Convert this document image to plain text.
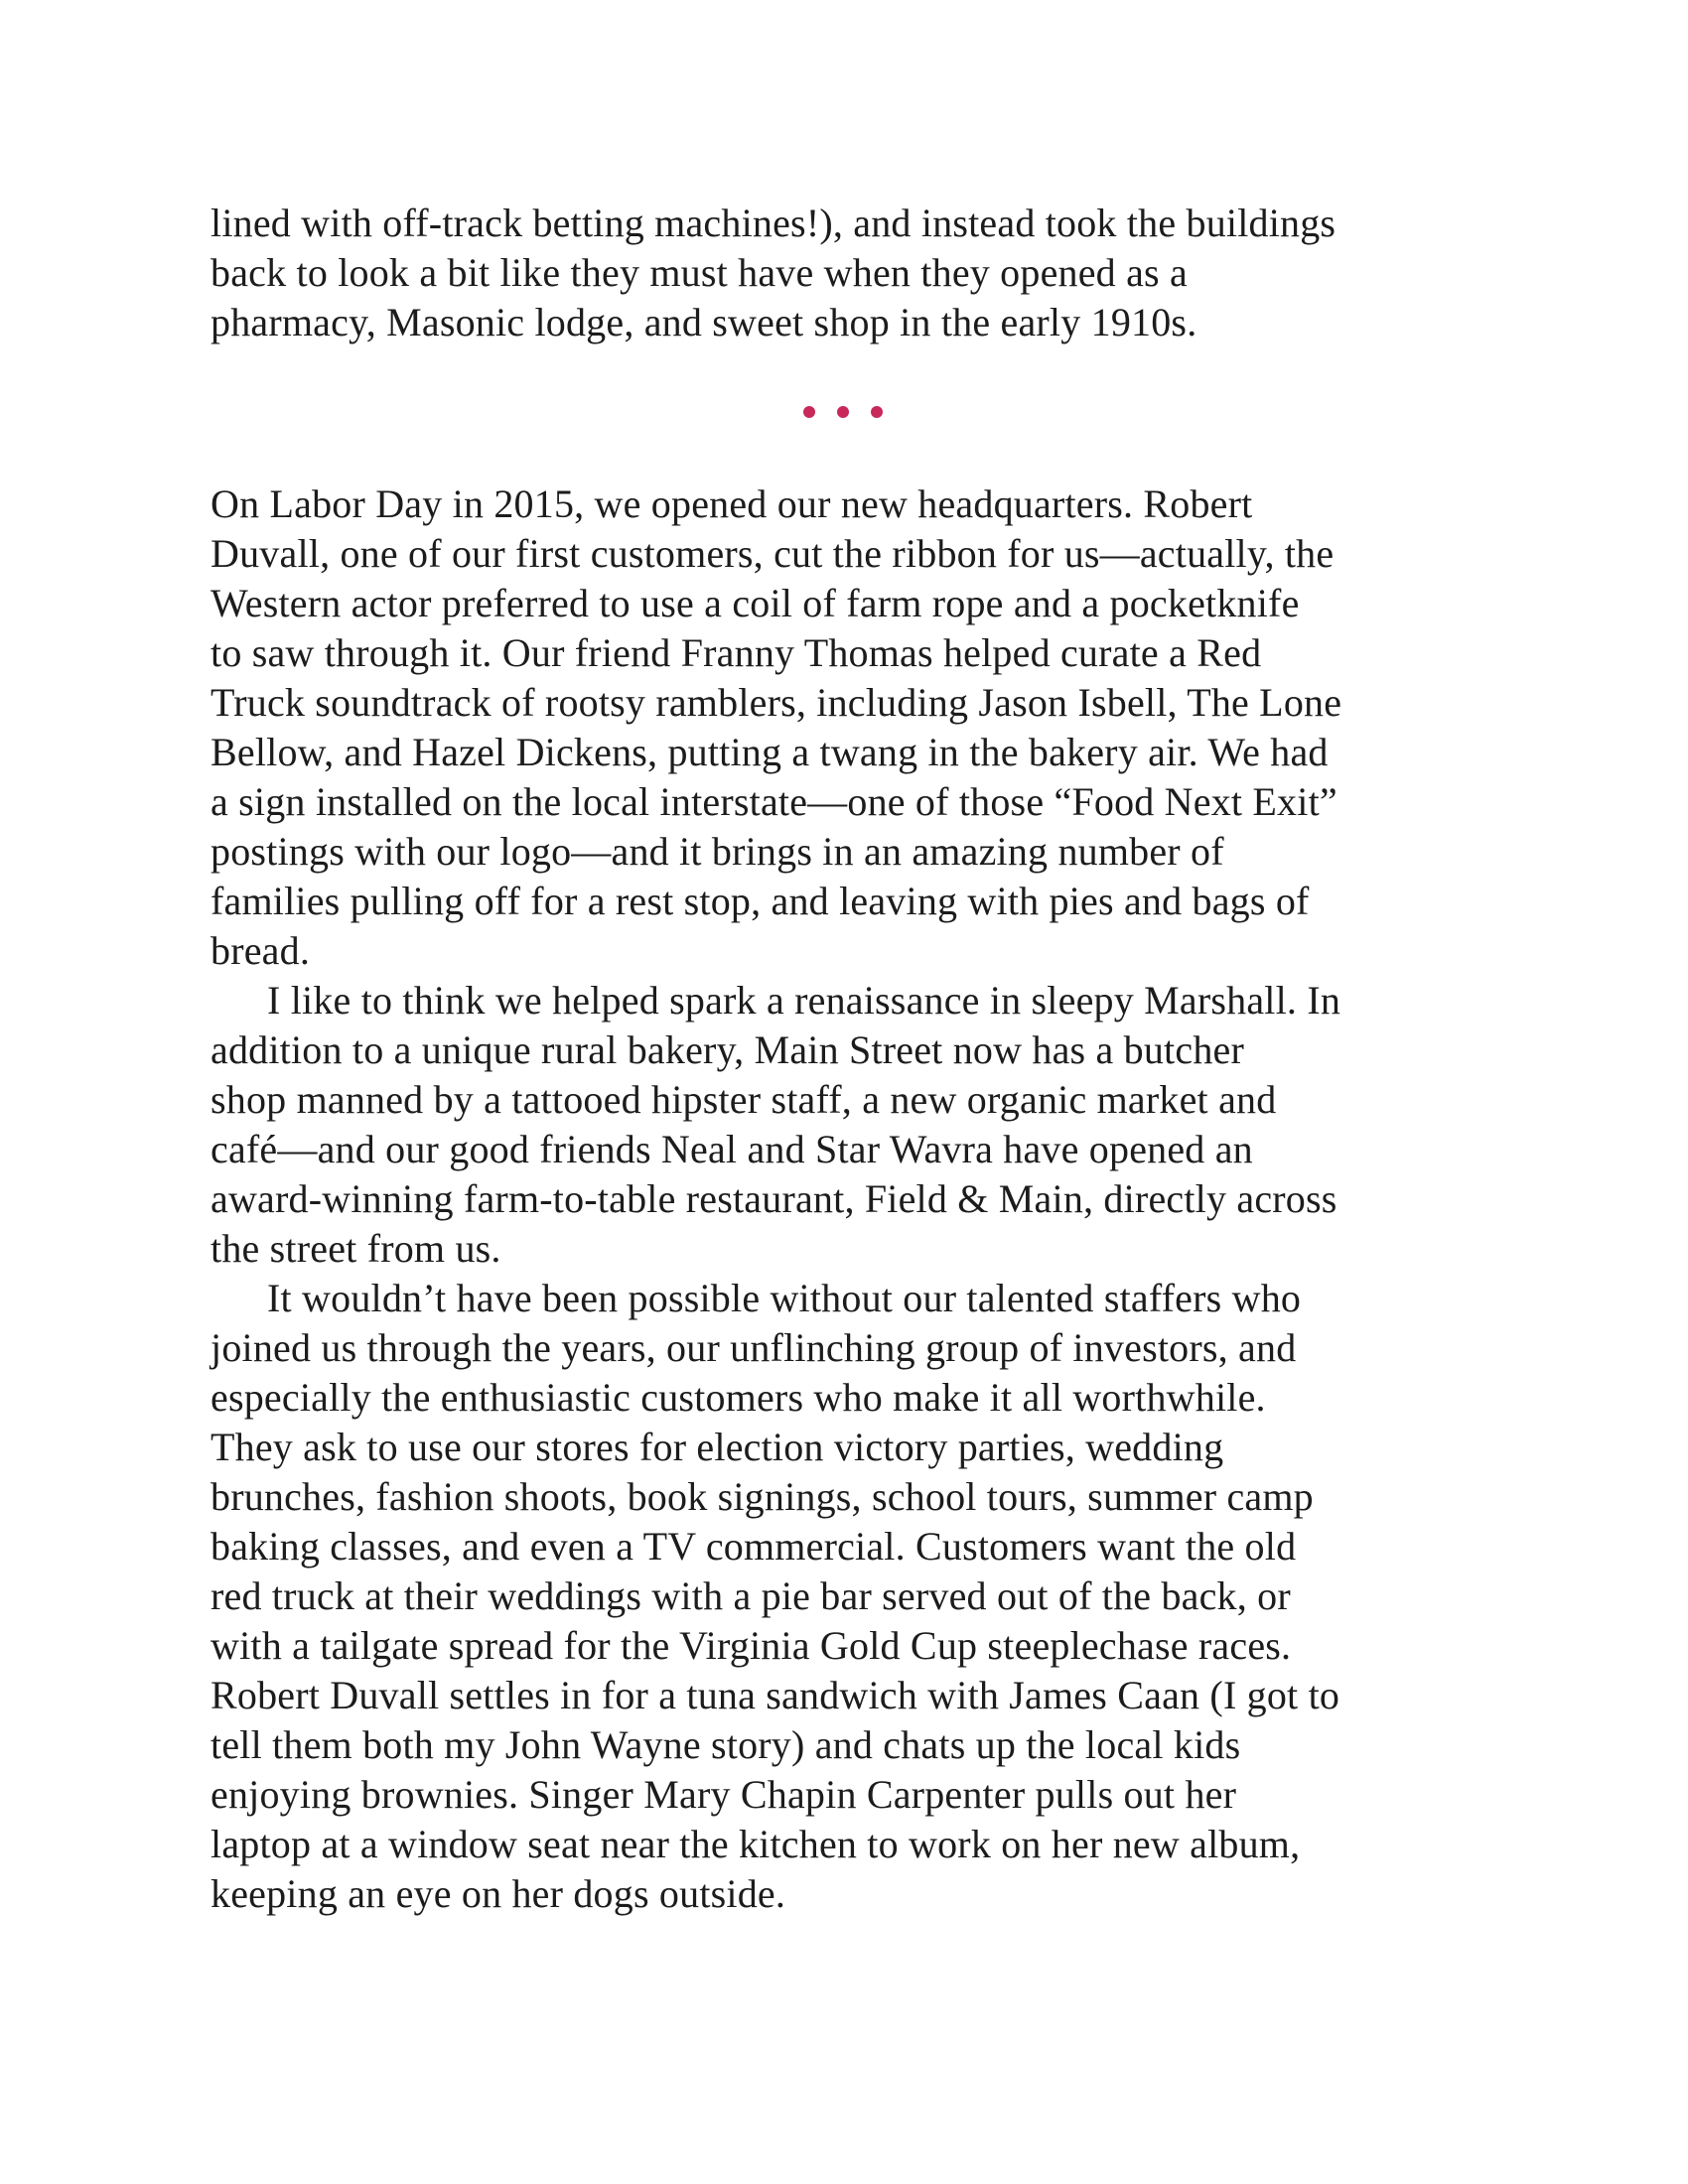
lined with off-track betting machines!), and instead took the buildings
back to look a bit like they must have when they opened as a
pharmacy, Masonic lodge, and sweet shop in the early 1910s.
On Labor Day in 2015, we opened our new headquarters. Robert
Duvall, one of our first customers, cut the ribbon for us—actually, the
Western actor preferred to use a coil of farm rope and a pocketknife
to saw through it. Our friend Franny Thomas helped curate a Red
Truck soundtrack of rootsy ramblers, including Jason Isbell, The Lone
Bellow, and Hazel Dickens, putting a twang in the bakery air. We had
a sign installed on the local interstate—one of those “Food Next Exit”
postings with our logo—and it brings in an amazing number of
families pulling off for a rest stop, and leaving with pies and bags of
bread.
I like to think we helped spark a renaissance in sleepy Marshall. In
addition to a unique rural bakery, Main Street now has a butcher
shop manned by a tattooed hipster staff, a new organic market and
café—and our good friends Neal and Star Wavra have opened an
award-winning farm-to-table restaurant, Field & Main, directly across
the street from us.
It wouldn’t have been possible without our talented staffers who
joined us through the years, our unflinching group of investors, and
especially the enthusiastic customers who make it all worthwhile.
They ask to use our stores for election victory parties, wedding
brunches, fashion shoots, book signings, school tours, summer camp
baking classes, and even a TV commercial. Customers want the old
red truck at their weddings with a pie bar served out of the back, or
with a tailgate spread for the Virginia Gold Cup steeplechase races.
Robert Duvall settles in for a tuna sandwich with James Caan (I got to
tell them both my John Wayne story) and chats up the local kids
enjoying brownies. Singer Mary Chapin Carpenter pulls out her
laptop at a window seat near the kitchen to work on her new album,
keeping an eye on her dogs outside.
